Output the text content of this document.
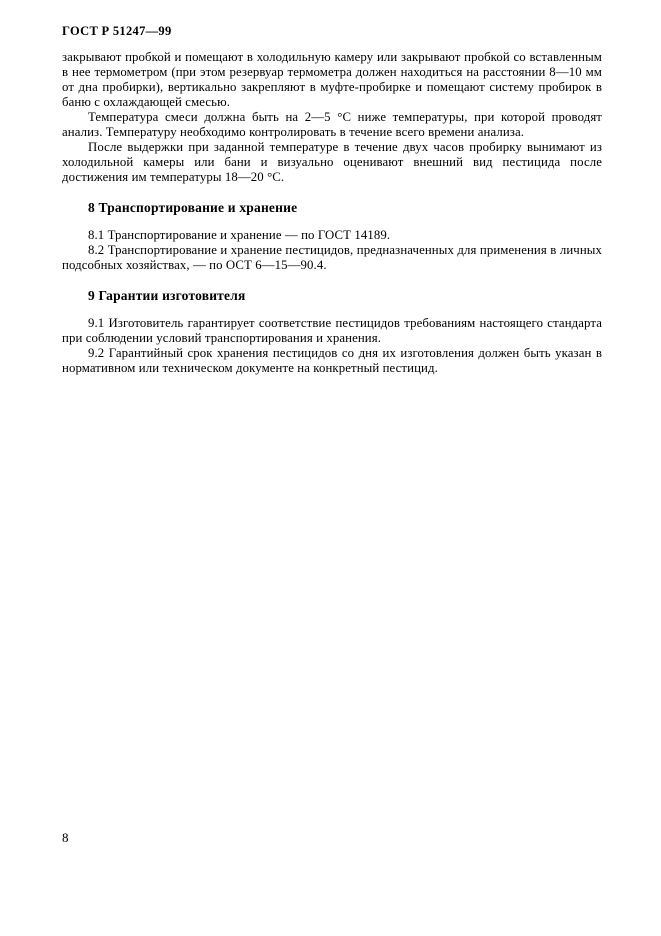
ГОСТ Р 51247—99

закрывают пробкой и помещают в холодильную камеру или закрывают пробкой со вставленным в нее термометром (при этом резервуар термометра должен находиться на расстоянии 8—10 мм от дна пробирки), вертикально закрепляют в муфте-пробирке и помещают систему пробирок в баню с охлаждающей смесью.

Температура смеси должна быть на 2—5 °С ниже температуры, при которой проводят анализ. Температуру необходимо контролировать в течение всего времени анализа.

После выдержки при заданной температуре в течение двух часов пробирку вынимают из холодильной камеры или бани и визуально оценивают внешний вид пестицида после достижения им температуры 18—20 °С.

8 Транспортирование и хранение

8.1 Транспортирование и хранение — по ГОСТ 14189.

8.2 Транспортирование и хранение пестицидов, предназначенных для применения в личных подсобных хозяйствах, — по ОСТ 6—15—90.4.

9 Гарантии изготовителя

9.1 Изготовитель гарантирует соответствие пестицидов требованиям настоящего стандарта при соблюдении условий транспортирования и хранения.

9.2 Гарантийный срок хранения пестицидов со дня их изготовления должен быть указан в нормативном или техническом документе на конкретный пестицид.

8
